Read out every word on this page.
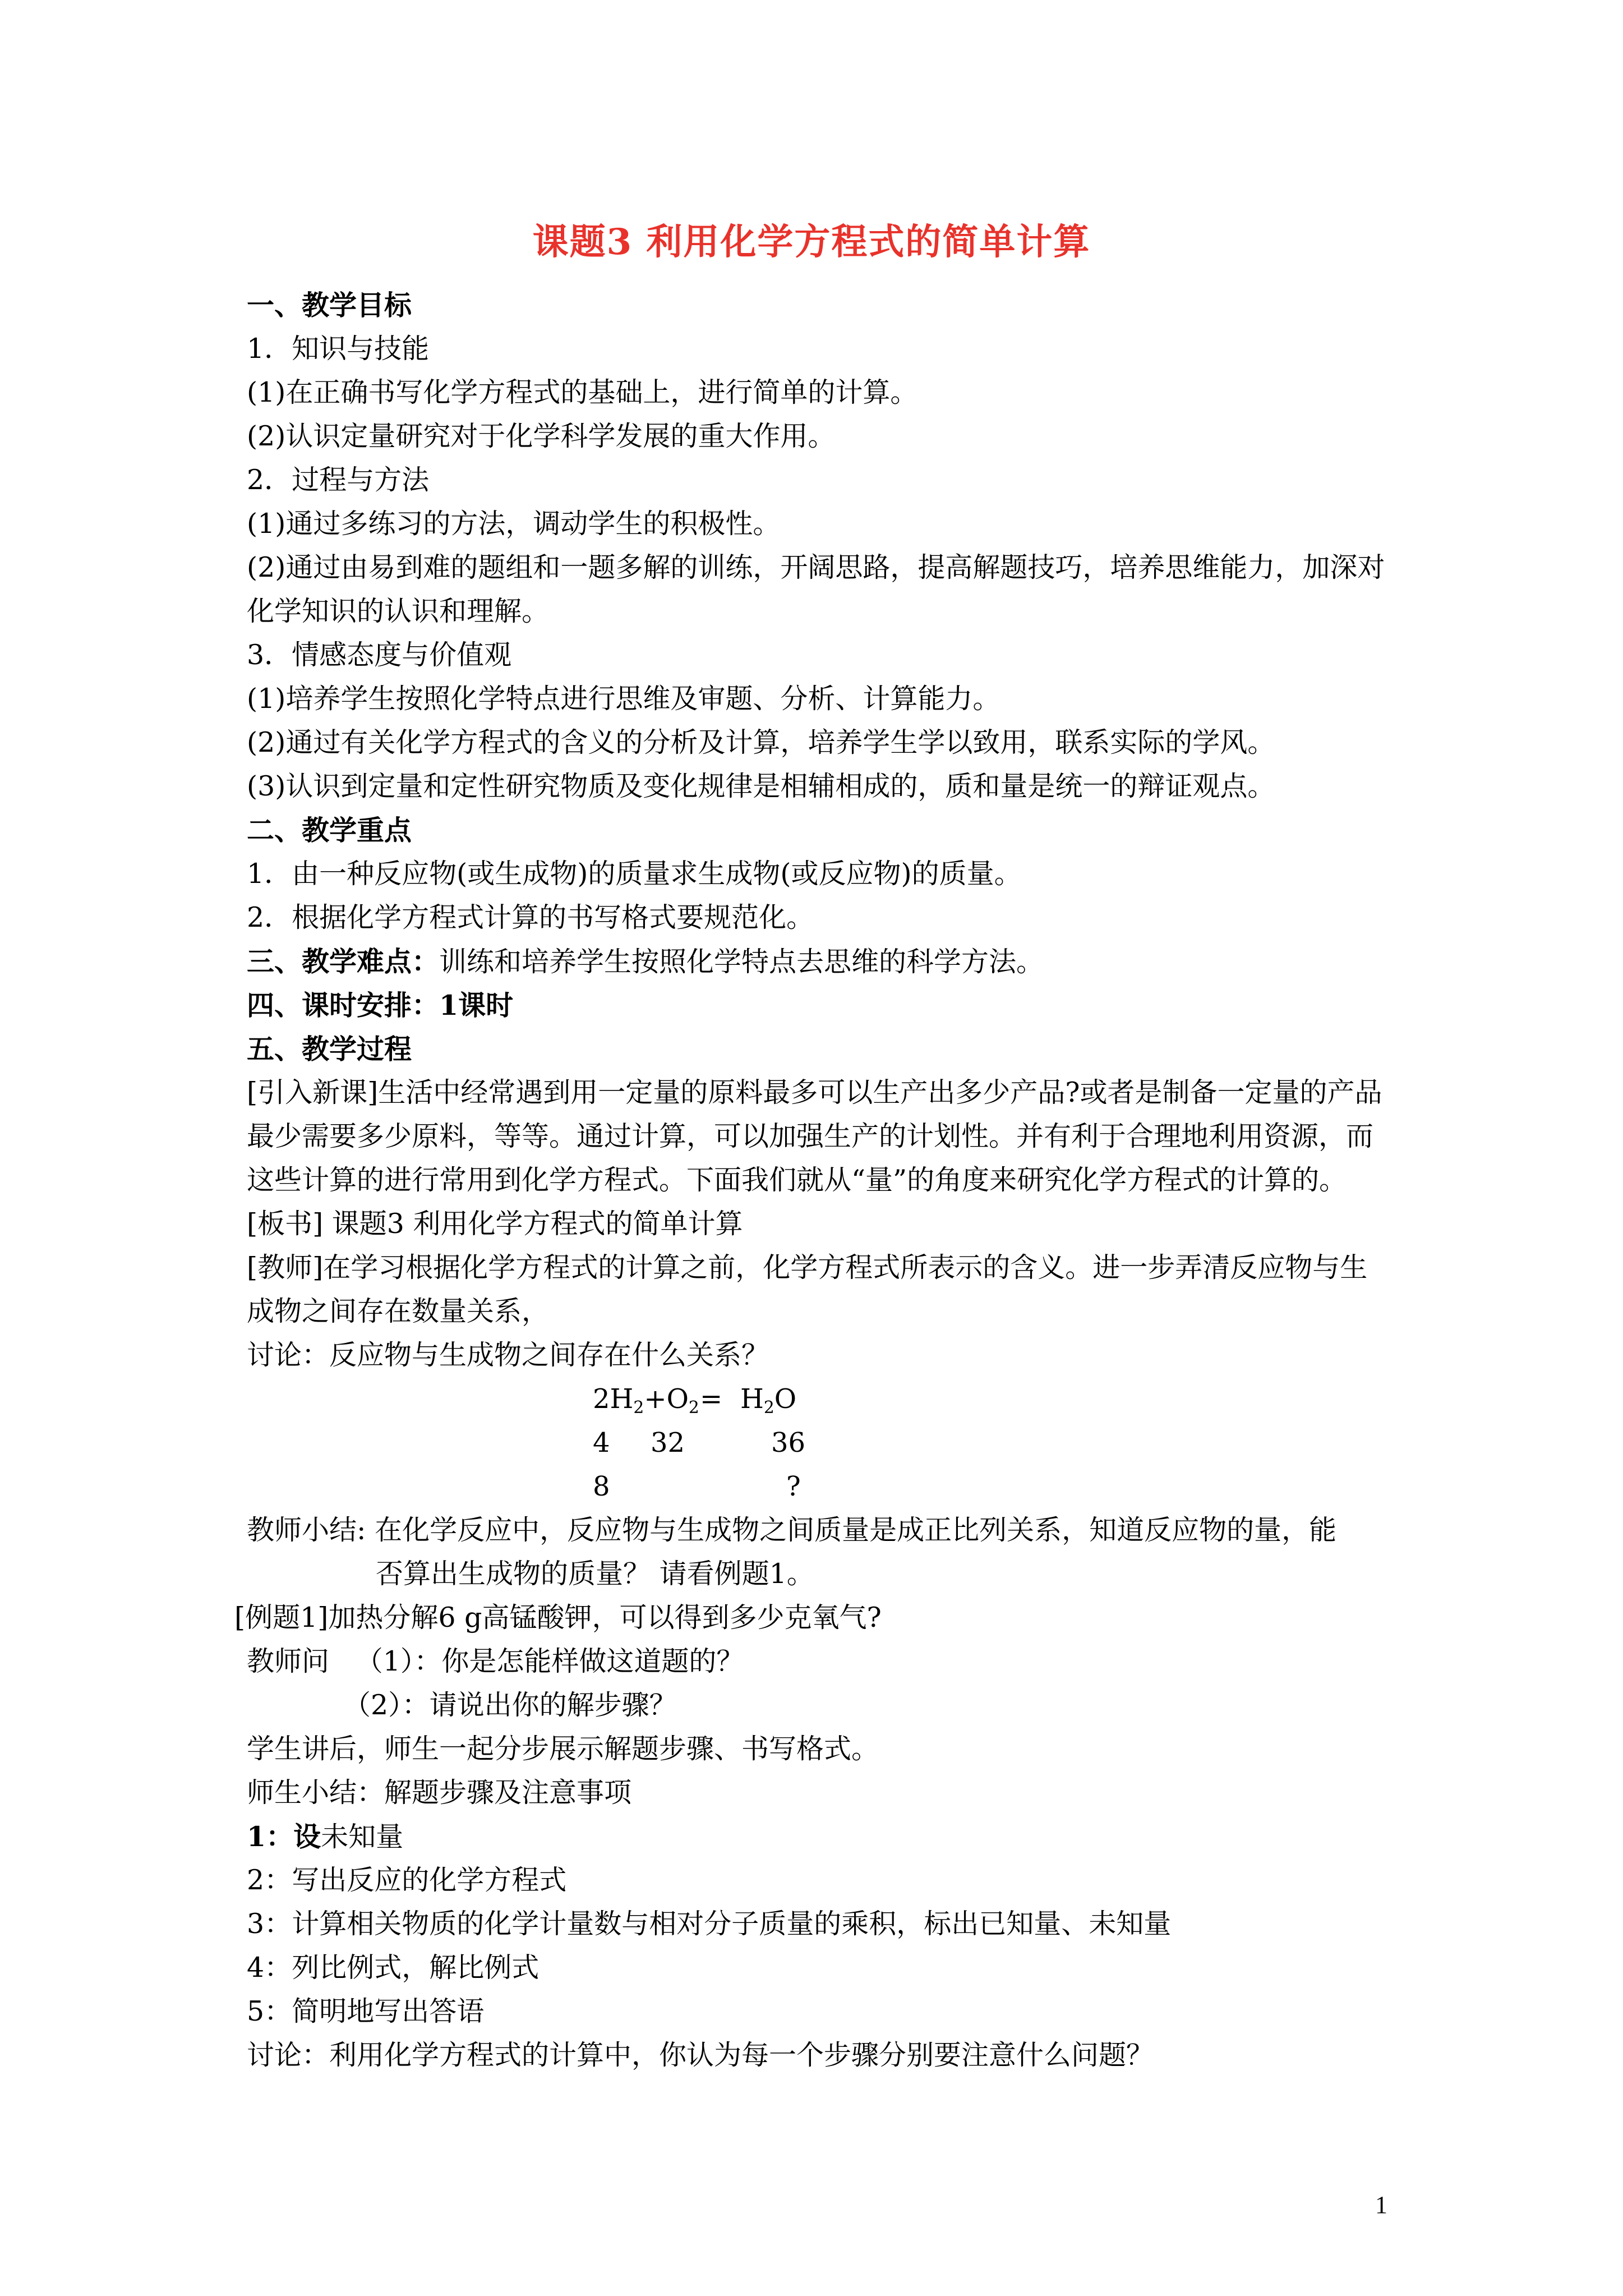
课题3 利用化学方程式的简单计算
一、教学目标
1．知识与技能
(1)在正确书写化学方程式的基础上，进行简单的计算。
(2)认识定量研究对于化学科学发展的重大作用。
2．过程与方法
(1)通过多练习的方法，调动学生的积极性。
(2)通过由易到难的题组和一题多解的训练，开阔思路，提高解题技巧，培养思维能力，加深对化学知识的认识和理解。
3．情感态度与价值观
(1)培养学生按照化学特点进行思维及审题、分析、计算能力。
(2)通过有关化学方程式的含义的分析及计算，培养学生学以致用，联系实际的学风。
(3)认识到定量和定性研究物质及变化规律是相辅相成的，质和量是统一的辩证观点。
二、教学重点
1．由一种反应物(或生成物)的质量求生成物(或反应物)的质量。
2．根据化学方程式计算的书写格式要规范化。
三、教学难点：训练和培养学生按照化学特点去思维的科学方法。
四、课时安排：1课时
五、教学过程
[引入新课]生活中经常遇到用一定量的原料最多可以生产出多少产品?或者是制备一定量的产品最少需要多少原料，等等。通过计算，可以加强生产的计划性。并有利于合理地利用资源，而这些计算的进行常用到化学方程式。下面我们就从“量”的角度来研究化学方程式的计算的。
[板书] 课题3 利用化学方程式的简单计算
[教师]在学习根据化学方程式的计算之前，化学方程式所表示的含义。进一步弄清反应物与生成物之间存在数量关系，
讨论：反应物与生成物之间存在什么关系？
$2H_2+O_2 = H_2O$
4 32	36
8	?
教师小结: 在化学反应中，反应物与生成物之间质量是成正比列关系，知道反应物的量，能
否算出生成物的质量？ 请看例题1。
[例题1]加热分解6 g高锰酸钾，可以得到多少克氧气?
教师问 （1）：你是怎能样做这道题的？
（2）：请说出你的解步骤？
学生讲后，师生一起分步展示解题步骤、书写格式。
师生小结：解题步骤及注意事项
1：设未知量
2：写出反应的化学方程式
3：计算相关物质的化学计量数与相对分子质量的乘积，标出已知量、未知量
4：列比例式，解比例式
5：简明地写出答语
讨论：利用化学方程式的计算中，你认为每一个步骤分别要注意什么问题？
1
